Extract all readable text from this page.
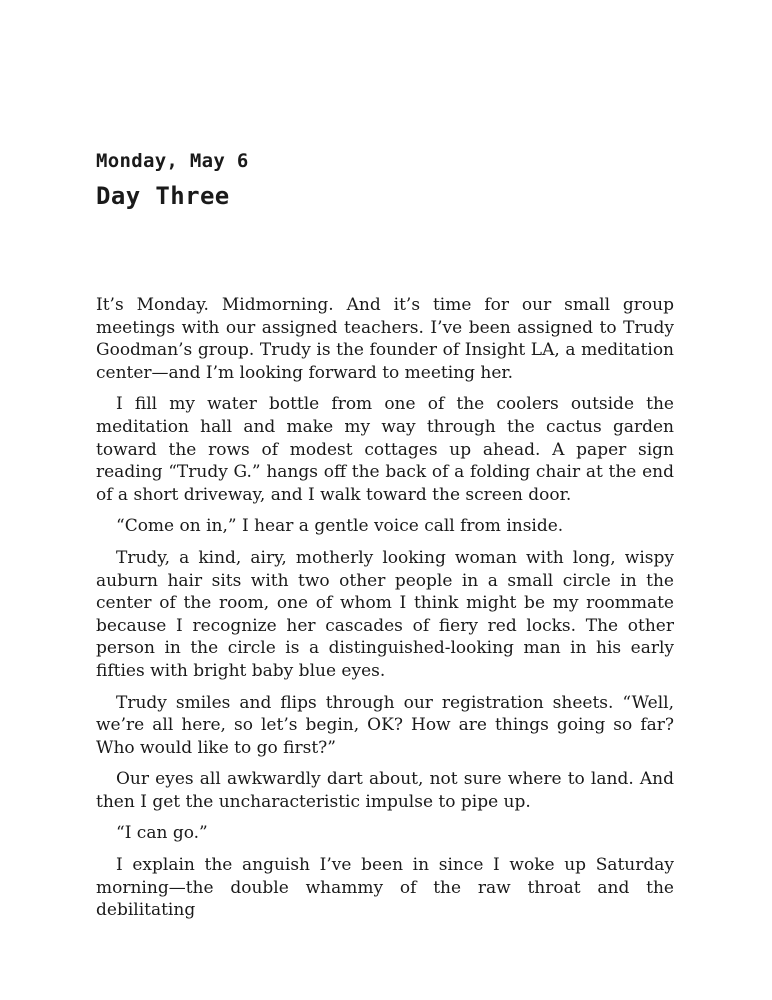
Monday, May 6
Day Three

It’s Monday. Midmorning. And it’s time for our small group meetings with our assigned teachers. I’ve been assigned to Trudy Goodman’s group. Trudy is the founder of Insight LA, a meditation center—and I’m looking forward to meeting her.

I fill my water bottle from one of the coolers outside the meditation hall and make my way through the cactus garden toward the rows of modest cottages up ahead. A paper sign reading “Trudy G.” hangs off the back of a folding chair at the end of a short driveway, and I walk toward the screen door.

“Come on in,” I hear a gentle voice call from inside.

Trudy, a kind, airy, motherly looking woman with long, wispy auburn hair sits with two other people in a small circle in the center of the room, one of whom I think might be my roommate because I recognize her cascades of fiery red locks. The other person in the circle is a distinguished-looking man in his early fifties with bright baby blue eyes.

Trudy smiles and flips through our registration sheets. “Well, we’re all here, so let’s begin, OK? How are things going so far? Who would like to go first?”

Our eyes all awkwardly dart about, not sure where to land. And then I get the uncharacteristic impulse to pipe up.

“I can go.”

I explain the anguish I’ve been in since I woke up Saturday morning—the double whammy of the raw throat and the debilitating
